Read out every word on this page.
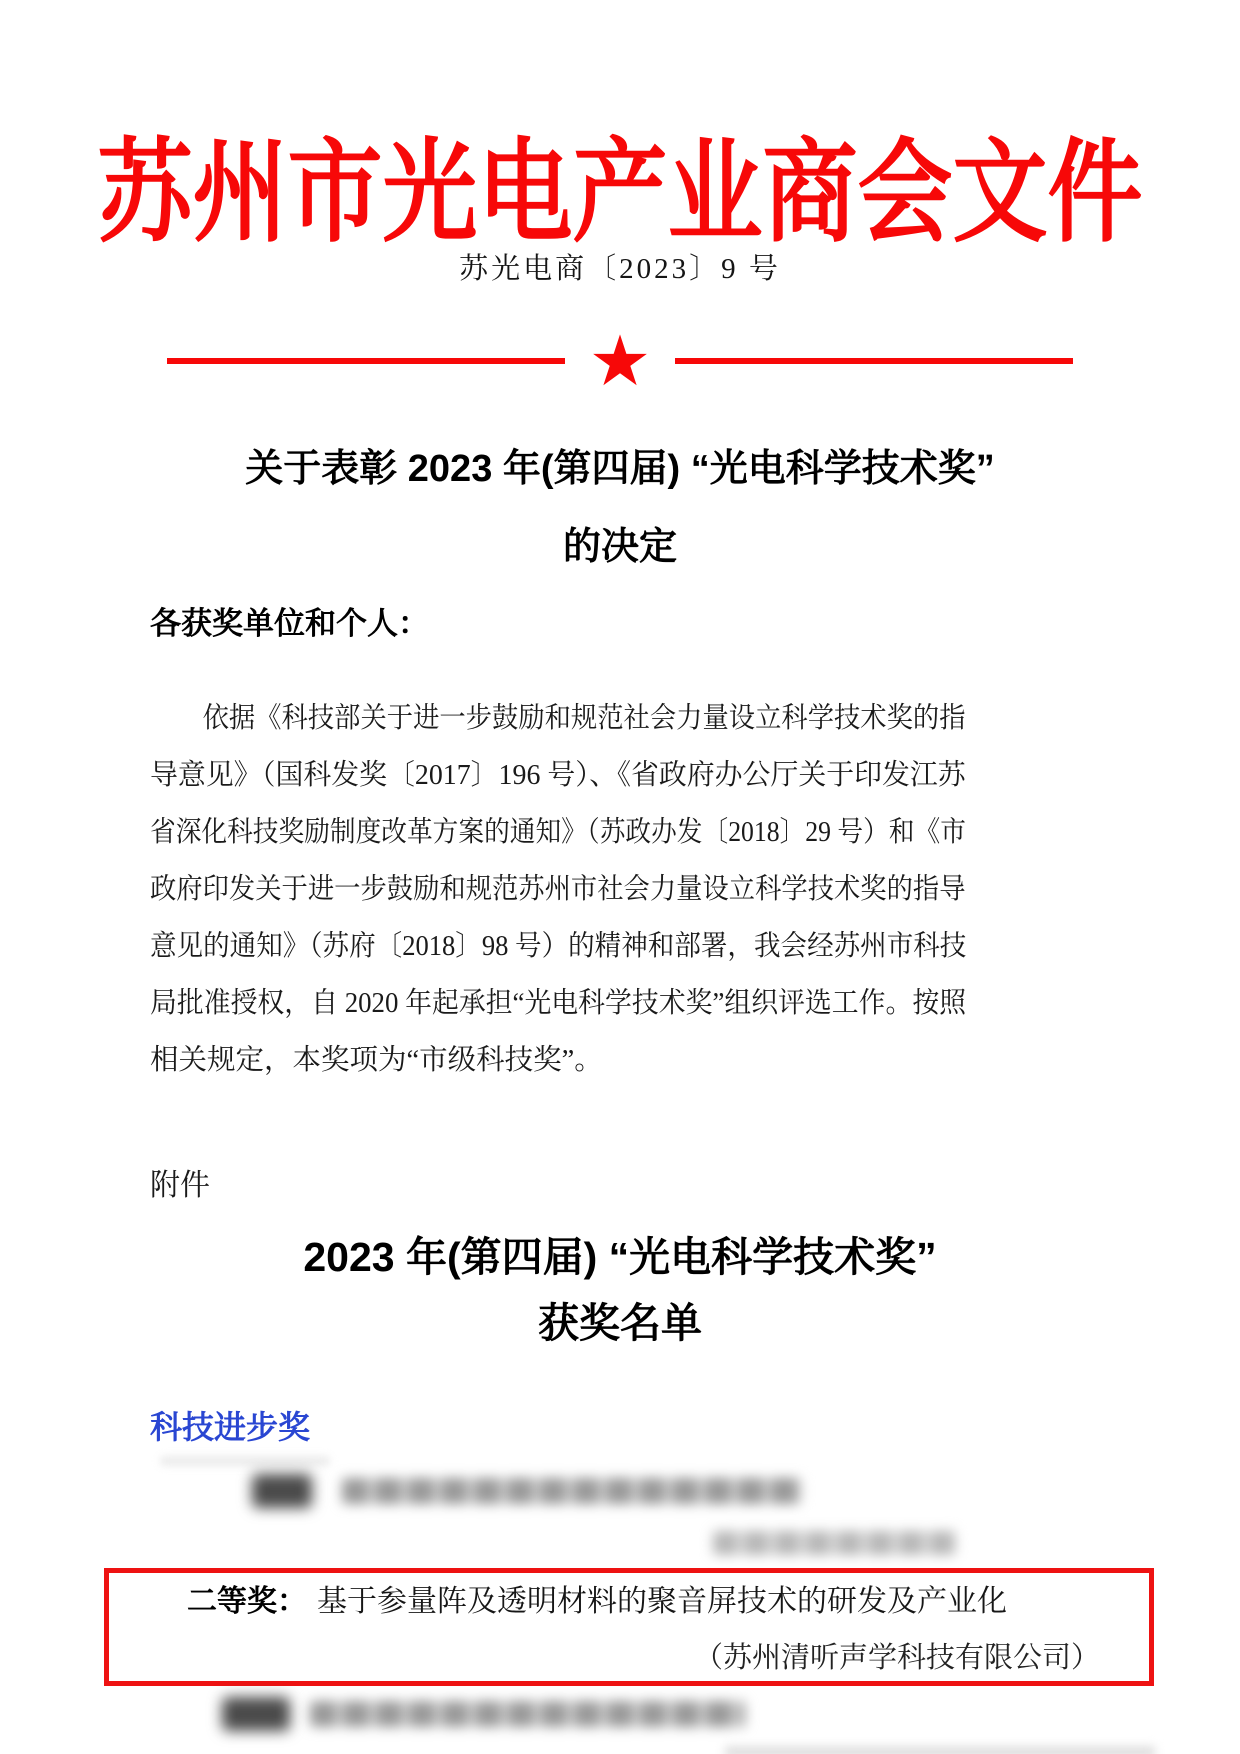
苏州市光电产业商会文件
苏光电商〔2023〕9 号
★
关于表彰 2023 年(第四届) “光电科学技术奖”
的决定
各获奖单位和个人：
依据《科技部关于进一步鼓励和规范社会力量设立科学技术奖的指
导意见》（国科发奖〔2017〕196 号）、《省政府办公厅关于印发江苏
省深化科技奖励制度改革方案的通知》（苏政办发〔2018〕29 号）和《市
政府印发关于进一步鼓励和规范苏州市社会力量设立科学技术奖的指导
意见的通知》（苏府〔2018〕98 号）的精神和部署，我会经苏州市科技
局批准授权，自 2020 年起承担“光电科学技术奖”组织评选工作。按照
相关规定，本奖项为“市级科技奖”。
附件
2023 年(第四届) “光电科学技术奖”
获奖名单
科技进步奖
二等奖： 基于参量阵及透明材料的聚音屏技术的研发及产业化
（苏州清听声学科技有限公司）
